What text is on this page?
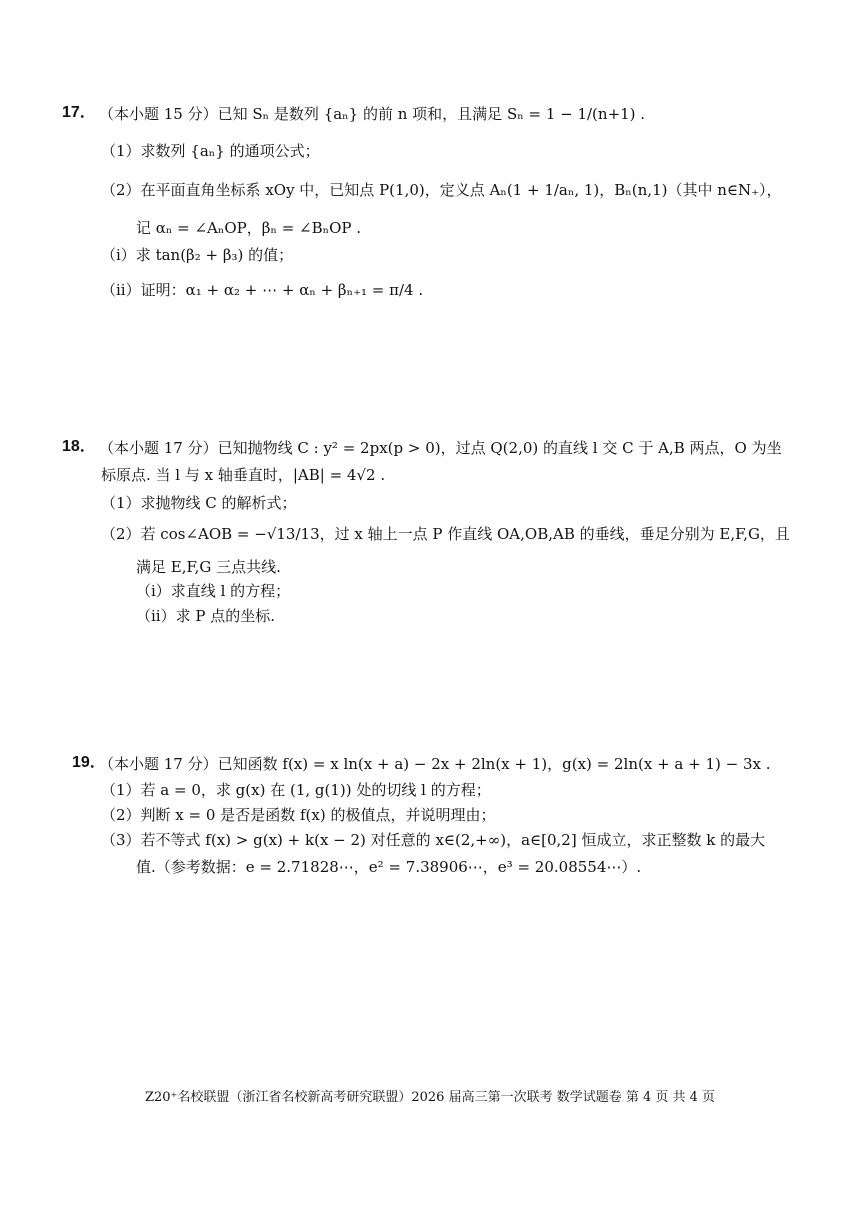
17． （本小题 15 分）已知 Sₙ 是数列 {aₙ} 的前 n 项和，且满足 Sₙ = 1 − 1/(n+1) .
（1）求数列 {aₙ} 的通项公式；
（2）在平面直角坐标系 xOy 中，已知点 P(1,0)，定义点 Aₙ(1 + 1/aₙ, 1)，Bₙ(n,1)（其中 n∈N₊），
记 αₙ = ∠AₙOP，βₙ = ∠BₙOP .
（i）求 tan(β₂ + β₃) 的值；
（ii）证明：α₁ + α₂ + ⋯ + αₙ + βₙ₊₁ = π/4 .
18． （本小题 17 分）已知抛物线 C : y² = 2px(p > 0)，过点 Q(2,0) 的直线 l 交 C 于 A,B 两点，O 为坐
标原点. 当 l 与 x 轴垂直时，|AB| = 4√2 .
（1）求抛物线 C 的解析式；
（2）若 cos∠AOB = −√13/13，过 x 轴上一点 P 作直线 OA,OB,AB 的垂线，垂足分别为 E,F,G，且
满足 E,F,G 三点共线.
（i）求直线 l 的方程；
（ii）求 P 点的坐标.
19．
（本小题 17 分）已知函数 f(x) = x ln(x + a) − 2x + 2ln(x + 1)，g(x) = 2ln(x + a + 1) − 3x .
（1）若 a = 0，求 g(x) 在 (1, g(1)) 处的切线 l 的方程；
（2）判断 x = 0 是否是函数 f(x) 的极值点，并说明理由；
（3）若不等式 f(x) > g(x) + k(x − 2) 对任意的 x∈(2,+∞)，a∈[0,2] 恒成立，求正整数 k 的最大
值.（参考数据：e = 2.71828⋯，e² = 7.38906⋯，e³ = 20.08554⋯）.
Z20⁺名校联盟（浙江省名校新高考研究联盟）2026 届高三第一次联考 数学试题卷 第 4 页 共 4 页
